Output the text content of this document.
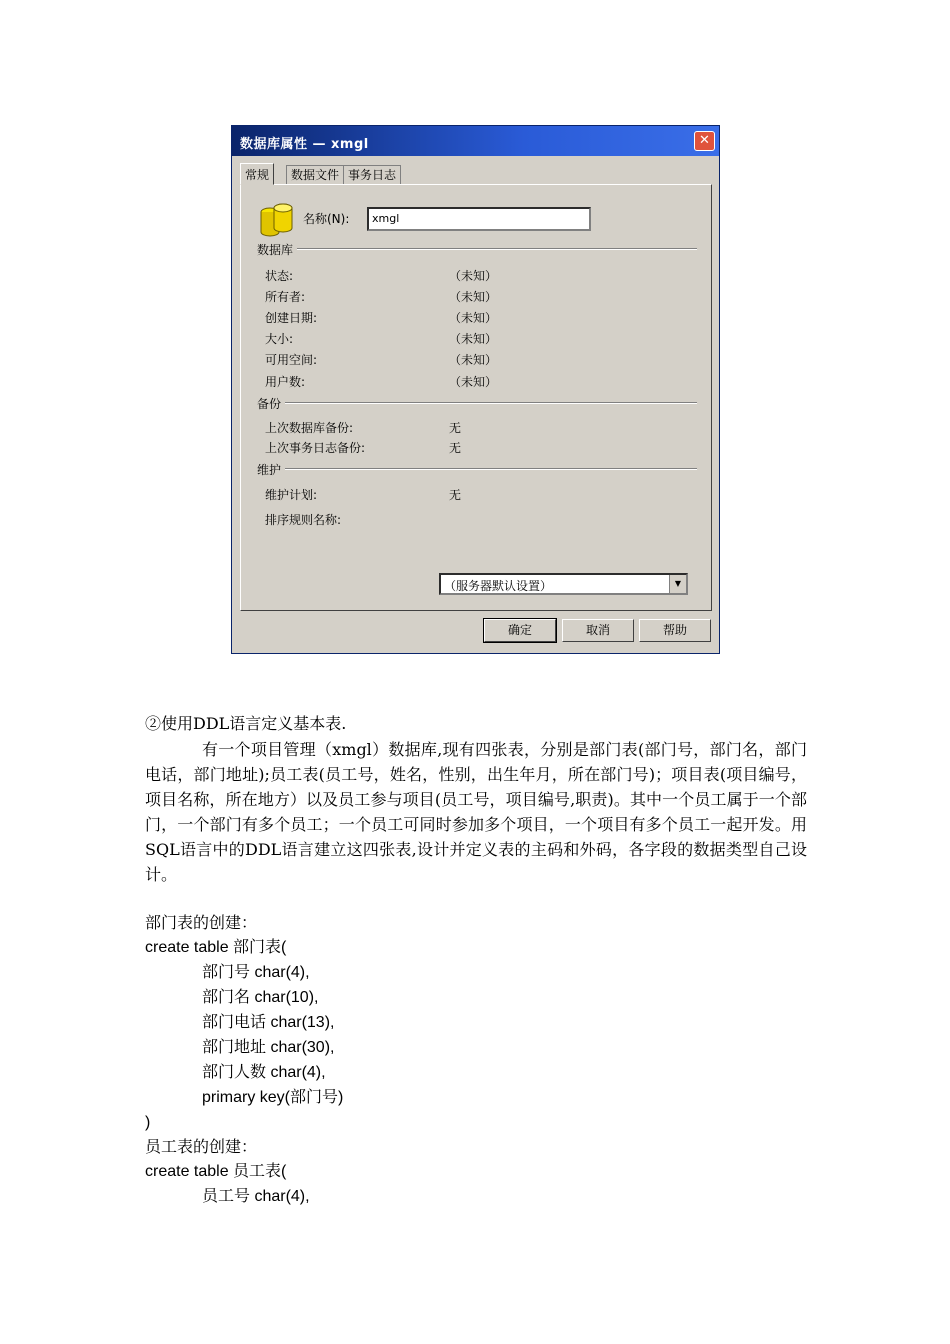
数据库属性 — xmgl	✕
常规	数据文件 事务日志
名称(N):	xmgl
数据库
状态:	（未知）
所有者:	（未知）
创建日期:	（未知）
大小:	（未知）
可用空间:	（未知）
用户数:	（未知）
备份
上次数据库备份:	无
上次事务日志备份:	无
维护
维护计划:	无
排序规则名称:
（服务器默认设置）	▼
确定	取消	帮助
②使用DDL语言定义基本表.
有一个项目管理（xmgl）数据库,现有四张表，分别是部门表(部门号，部门名，部门电话，部门地址);员工表(员工号，姓名，性别，出生年月，所在部门号)；项目表(项目编号，项目名称，所在地方）以及员工参与项目(员工号，项目编号,职责)。其中一个员工属于一个部门，一个部门有多个员工；一个员工可同时参加多个项目，一个项目有多个员工一起开发。用SQL语言中的DDL语言建立这四张表,设计并定义表的主码和外码，各字段的数据类型自己设计。
部门表的创建：
create table 部门表(
部门号 char(4),
部门名 char(10),
部门电话 char(13),
部门地址 char(30),
部门人数 char(4),
primary key(部门号)
)
员工表的创建：
create table 员工表(
员工号 char(4),
